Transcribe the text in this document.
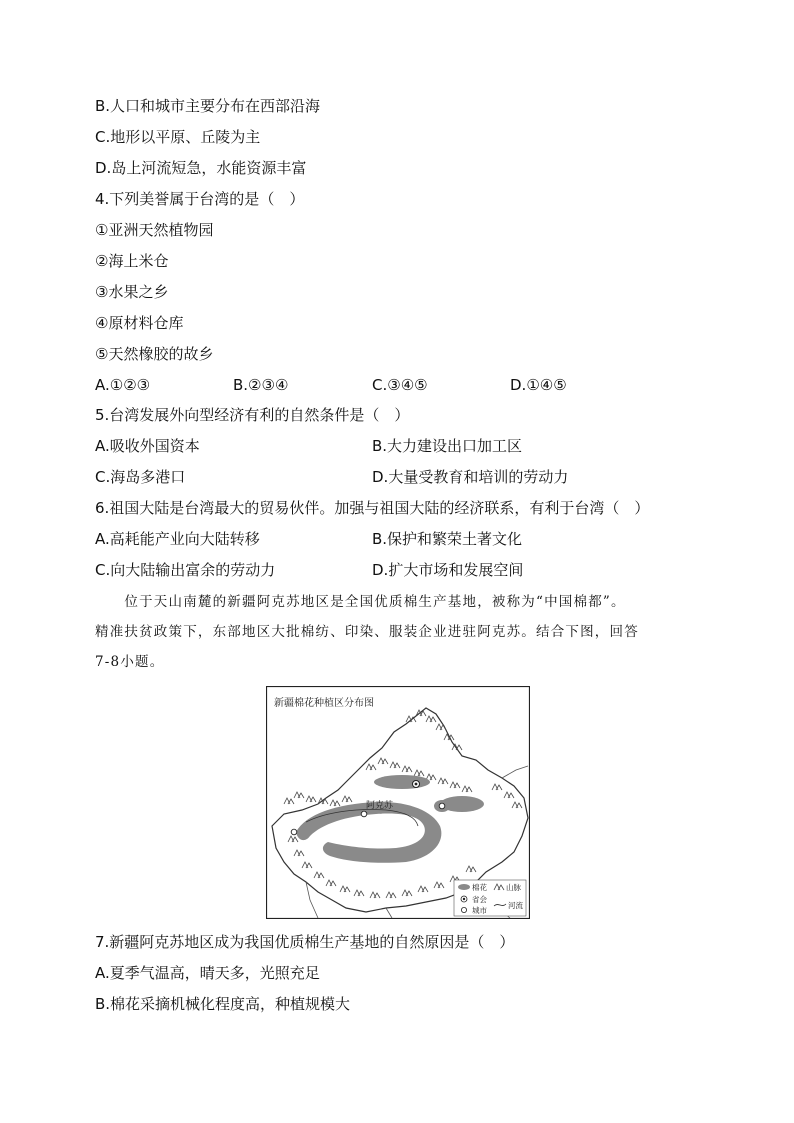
B.人口和城市主要分布在西部沿海
C.地形以平原、丘陵为主
D.岛上河流短急，水能资源丰富
4.下列美誉属于台湾的是（　）
①亚洲天然植物园
②海上米仓
③水果之乡
④原材料仓库
⑤天然橡胶的故乡
A.①②③	B.②③④	C.③④⑤	D.①④⑤
5.台湾发展外向型经济有利的自然条件是（　）
A.吸收外国资本	B.大力建设出口加工区
C.海岛多港口	D.大量受教育和培训的劳动力
6.祖国大陆是台湾最大的贸易伙伴。加强与祖国大陆的经济联系，有利于台湾（　）
A.高耗能产业向大陆转移	B.保护和繁荣土著文化
C.向大陆输出富余的劳动力	D.扩大市场和发展空间
　　位于天山南麓的新疆阿克苏地区是全国优质棉生产基地，被称为“中国棉都”。
精准扶贫政策下，东部地区大批棉纺、印染、服装企业进驻阿克苏。结合下图，回答
7-8小题。
新疆棉花种植区分布图
阿克苏
棉花
省会
城市
山脉
河流
7.新疆阿克苏地区成为我国优质棉生产基地的自然原因是（　）
A.夏季气温高，晴天多，光照充足
B.棉花采摘机械化程度高，种植规模大
